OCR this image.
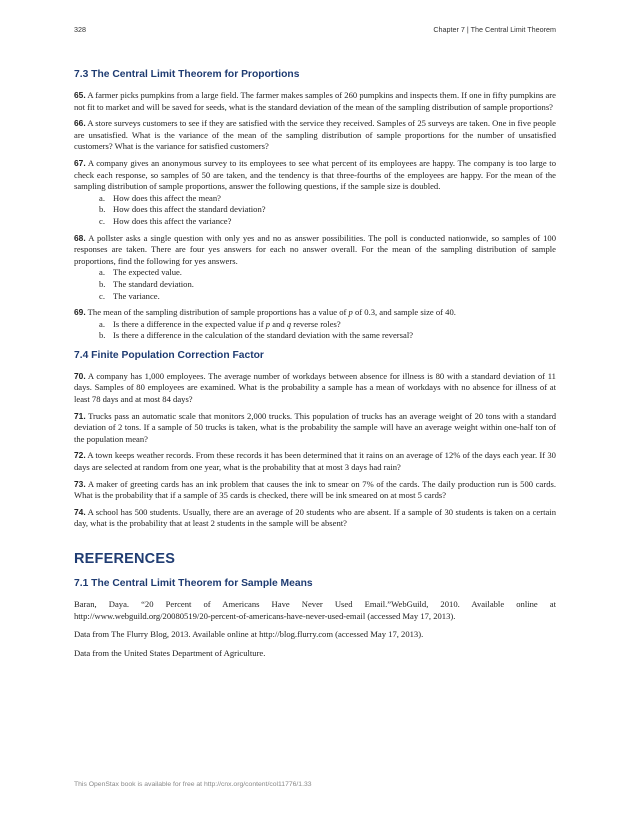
328	Chapter 7 | The Central Limit Theorem
7.3 The Central Limit Theorem for Proportions

65. A farmer picks pumpkins from a large field. The farmer makes samples of 260 pumpkins and inspects them. If one in fifty pumpkins are not fit to market and will be saved for seeds, what is the standard deviation of the mean of the sampling distribution of sample proportions?

66. A store surveys customers to see if they are satisfied with the service they received. Samples of 25 surveys are taken. One in five people are unsatisfied. What is the variance of the mean of the sampling distribution of sample proportions for the number of unsatisfied customers? What is the variance for satisfied customers?

67. A company gives an anonymous survey to its employees to see what percent of its employees are happy. The company is too large to check each response, so samples of 50 are taken, and the tendency is that three-fourths of the employees are happy. For the mean of the sampling distribution of sample proportions, answer the following questions, if the sample size is doubled.

a. How does this affect the mean?
b. How does this affect the standard deviation?
c. How does this affect the variance?

68. A pollster asks a single question with only yes and no as answer possibilities. The poll is conducted nationwide, so samples of 100 responses are taken. There are four yes answers for each no answer overall. For the mean of the sampling distribution of sample proportions, find the following for yes answers.

a. The expected value.
b. The standard deviation.
c. The variance.

69. The mean of the sampling distribution of sample proportions has a value of p of 0.3, and sample size of 40.

a. Is there a difference in the expected value if p and q reverse roles?
b. Is there a difference in the calculation of the standard deviation with the same reversal?
7.4 Finite Population Correction Factor

70. A company has 1,000 employees. The average number of workdays between absence for illness is 80 with a standard deviation of 11 days. Samples of 80 employees are examined. What is the probability a sample has a mean of workdays with no absence for illness of at least 78 days and at most 84 days?

71. Trucks pass an automatic scale that monitors 2,000 trucks. This population of trucks has an average weight of 20 tons with a standard deviation of 2 tons. If a sample of 50 trucks is taken, what is the probability the sample will have an average weight within one-half ton of the population mean?

72. A town keeps weather records. From these records it has been determined that it rains on an average of 12% of the days each year. If 30 days are selected at random from one year, what is the probability that at most 3 days had rain?

73. A maker of greeting cards has an ink problem that causes the ink to smear on 7% of the cards. The daily production run is 500 cards. What is the probability that if a sample of 35 cards is checked, there will be ink smeared on at most 5 cards?

74. A school has 500 students. Usually, there are an average of 20 students who are absent. If a sample of 30 students is taken on a certain day, what is the probability that at least 2 students in the sample will be absent?

REFERENCES
7.1 The Central Limit Theorem for Sample Means

Baran, Daya. “20 Percent of Americans Have Never Used Email.”WebGuild, 2010. Available online at http://www.webguild.org/20080519/20-percent-of-americans-have-never-used-email (accessed May 17, 2013).

Data from The Flurry Blog, 2013. Available online at http://blog.flurry.com (accessed May 17, 2013).

Data from the United States Department of Agriculture.

This OpenStax book is available for free at http://cnx.org/content/col11776/1.33
